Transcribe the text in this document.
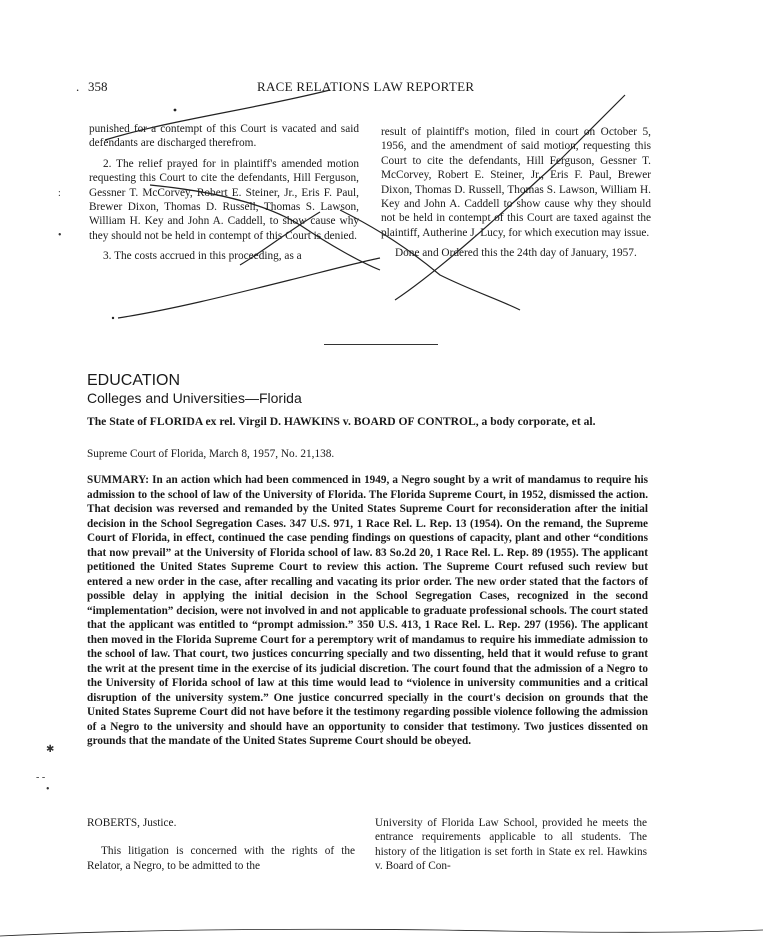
. 358	RACE RELATIONS LAW REPORTER

punished for a contempt of this Court is vacated and said defendants are discharged therefrom.

2. The relief prayed for in plaintiff's amended motion requesting this Court to cite the defendants, Hill Ferguson, Gessner T. McCorvey, Robert E. Steiner, Jr., Eris F. Paul, Brewer Dixon, Thomas D. Russell, Thomas S. Lawson, William H. Key and John A. Caddell, to show cause why they should not be held in contempt of this Court is denied.

3. The costs accrued in this proceeding, as a

result of plaintiff's motion, filed in court on October 5, 1956, and the amendment of said motion, requesting this Court to cite the defendants, Hill Ferguson, Gessner T. McCorvey, Robert E. Steiner, Jr., Eris F. Paul, Brewer Dixon, Thomas D. Russell, Thomas S. Lawson, William H. Key and John A. Caddell to show cause why they should not be held in contempt of this Court are taxed against the plaintiff, Autherine J. Lucy, for which execution may issue.

Done and Ordered this the 24th day of January, 1957.

EDUCATION
Colleges and Universities—Florida
The State of FLORIDA ex rel. Virgil D. HAWKINS v. BOARD OF CONTROL, a body corporate, et al.
Supreme Court of Florida, March 8, 1957, No. 21,138.
SUMMARY: In an action which had been commenced in 1949, a Negro sought by a writ of mandamus to require his admission to the school of law of the University of Florida. The Florida Supreme Court, in 1952, dismissed the action. That decision was reversed and remanded by the United States Supreme Court for reconsideration after the initial decision in the School Segregation Cases. 347 U.S. 971, 1 Race Rel. L. Rep. 13 (1954). On the remand, the Supreme Court of Florida, in effect, continued the case pending findings on questions of capacity, plant and other “conditions that now prevail” at the University of Florida school of law. 83 So.2d 20, 1 Race Rel. L. Rep. 89 (1955). The applicant petitioned the United States Supreme Court to review this action. The Supreme Court refused such review but entered a new order in the case, after recalling and vacating its prior order. The new order stated that the factors of possible delay in applying the initial decision in the School Segregation Cases, recognized in the second “implementation” decision, were not involved in and not applicable to graduate professional schools. The court stated that the applicant was entitled to “prompt admission.” 350 U.S. 413, 1 Race Rel. L. Rep. 297 (1956). The applicant then moved in the Florida Supreme Court for a peremptory writ of mandamus to require his immediate admission to the school of law. That court, two justices concurring specially and two dissenting, held that it would refuse to grant the writ at the present time in the exercise of its judicial discretion. The court found that the admission of a Negro to the University of Florida school of law at this time would lead to “violence in university communities and a critical disruption of the university system.” One justice concurred specially in the court's decision on grounds that the United States Supreme Court did not have before it the testimony regarding possible violence following the admission of a Negro to the university and should have an opportunity to consider that testimony. Two justices dissented on grounds that the mandate of the United States Supreme Court should be obeyed.

ROBERTS, Justice.

This litigation is concerned with the rights of the Relator, a Negro, to be admitted to the

University of Florida Law School, provided he meets the entrance requirements applicable to all students. The history of the litigation is set forth in State ex rel. Hawkins v. Board of Con-

:
•
✱
- -
•
